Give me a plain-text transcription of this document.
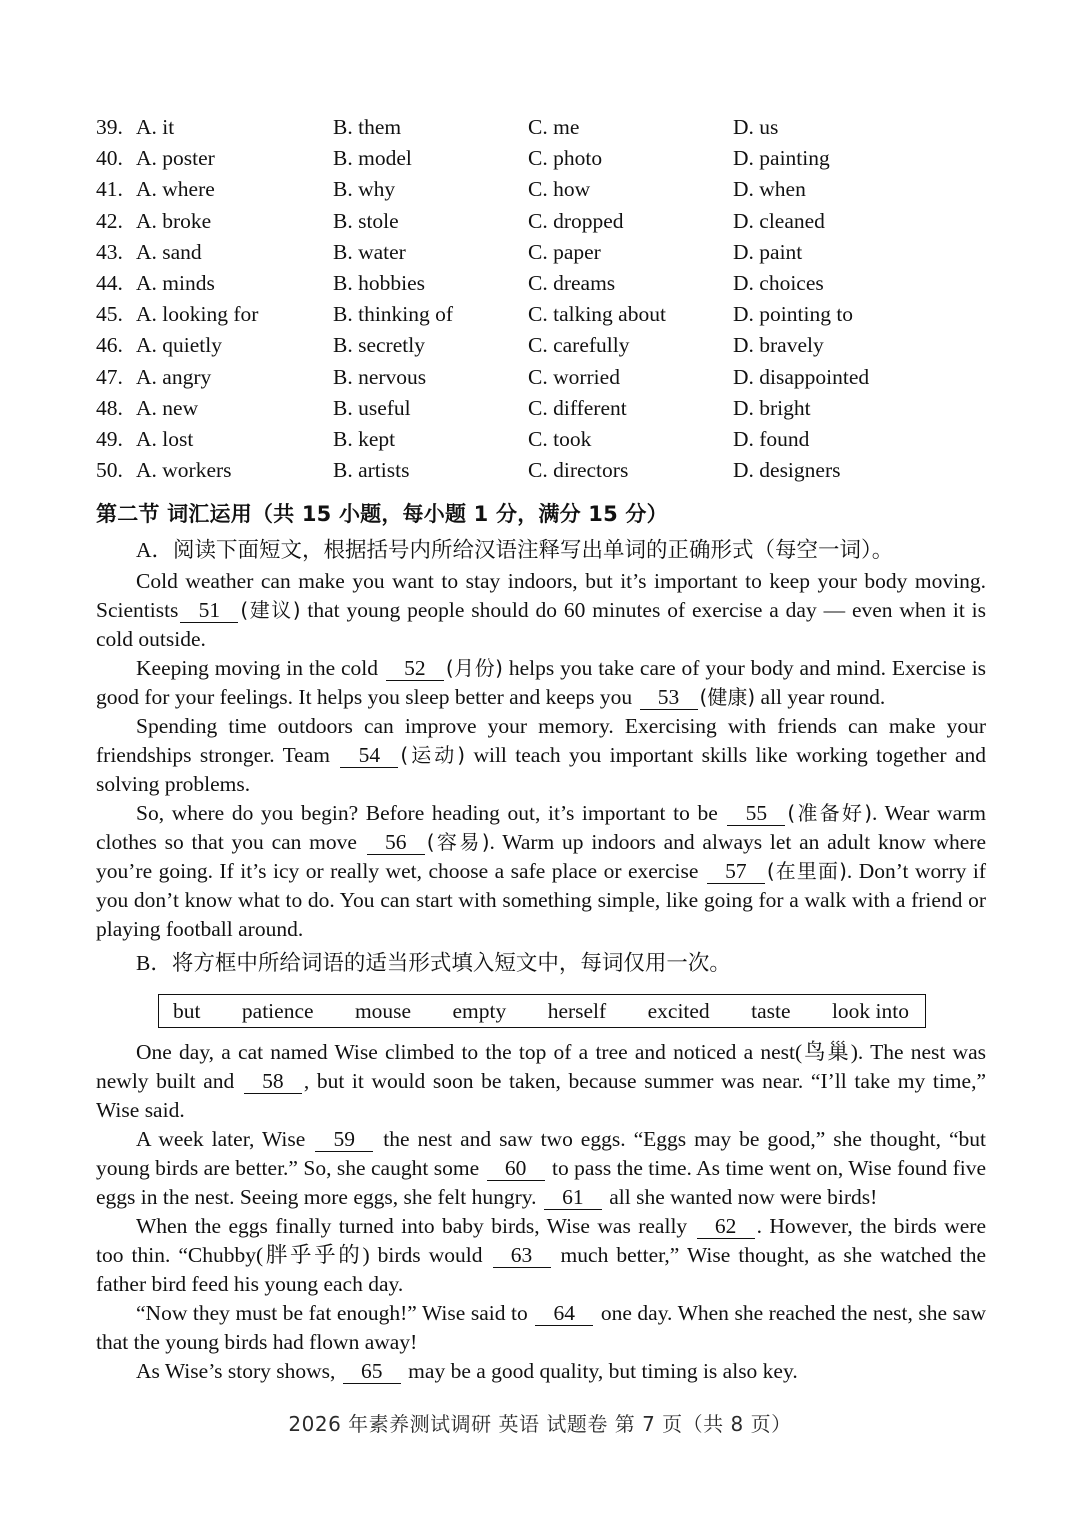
39. A. it	B. them	C. me	D. us
40. A. poster	B. model	C. photo	D. painting
41. A. where	B. why	C. how	D. when
42. A. broke	B. stole	C. dropped	D. cleaned
43. A. sand	B. water	C. paper	D. paint
44. A. minds	B. hobbies	C. dreams	D. choices
45. A. looking for	B. thinking of	C. talking about	D. pointing to
46. A. quietly	B. secretly	C. carefully	D. bravely
47. A. angry	B. nervous	C. worried	D. disappointed
48. A. new	B. useful	C. different	D. bright
49. A. lost	B. kept	C. took	D. found
50. A. workers	B. artists	C. directors	D. designers
第二节 词汇运用（共 15 小题，每小题 1 分，满分 15 分）
A．阅读下面短文，根据括号内所给汉语注释写出单词的正确形式（每空一词）。

Cold weather can make you want to stay indoors, but it’s important to keep your body moving. Scientists 51 (建议) that young people should do 60 minutes of exercise a day — even when it is cold outside.

Keeping moving in the cold 52 (月份) helps you take care of your body and mind. Exercise is good for your feelings. It helps you sleep better and keeps you 53 (健康) all year round.

Spending time outdoors can improve your memory. Exercising with friends can make your friendships stronger. Team 54 (运动) will teach you important skills like working together and solving problems.

So, where do you begin? Before heading out, it’s important to be 55 (准备好). Wear warm clothes so that you can move 56 (容易). Warm up indoors and always let an adult know where you’re going. If it’s icy or really wet, choose a safe place or exercise 57 (在里面). Don’t worry if you don’t know what to do. You can start with something simple, like going for a walk with a friend or playing football around.

B．将方框中所给词语的适当形式填入短文中，每词仅用一次。
but patience mouse empty herself excited taste look into

One day, a cat named Wise climbed to the top of a tree and noticed a nest(鸟巢). The nest was newly built and 58 , but it would soon be taken, because summer was near. “I’ll take my time,” Wise said.

A week later, Wise 59 the nest and saw two eggs. “Eggs may be good,” she thought, “but young birds are better.” So, she caught some 60 to pass the time. As time went on, Wise found five eggs in the nest. Seeing more eggs, she felt hungry. 61 all she wanted now were birds!

When the eggs finally turned into baby birds, Wise was really 62 . However, the birds were too thin. “Chubby(胖乎乎的) birds would 63 much better,” Wise thought, as she watched the father bird feed his young each day.

“Now they must be fat enough!” Wise said to 64 one day. When she reached the nest, she saw that the young birds had flown away!

As Wise’s story shows, 65 may be a good quality, but timing is also key.

2026 年素养测试调研 英语 试题卷 第 7 页（共 8 页）
